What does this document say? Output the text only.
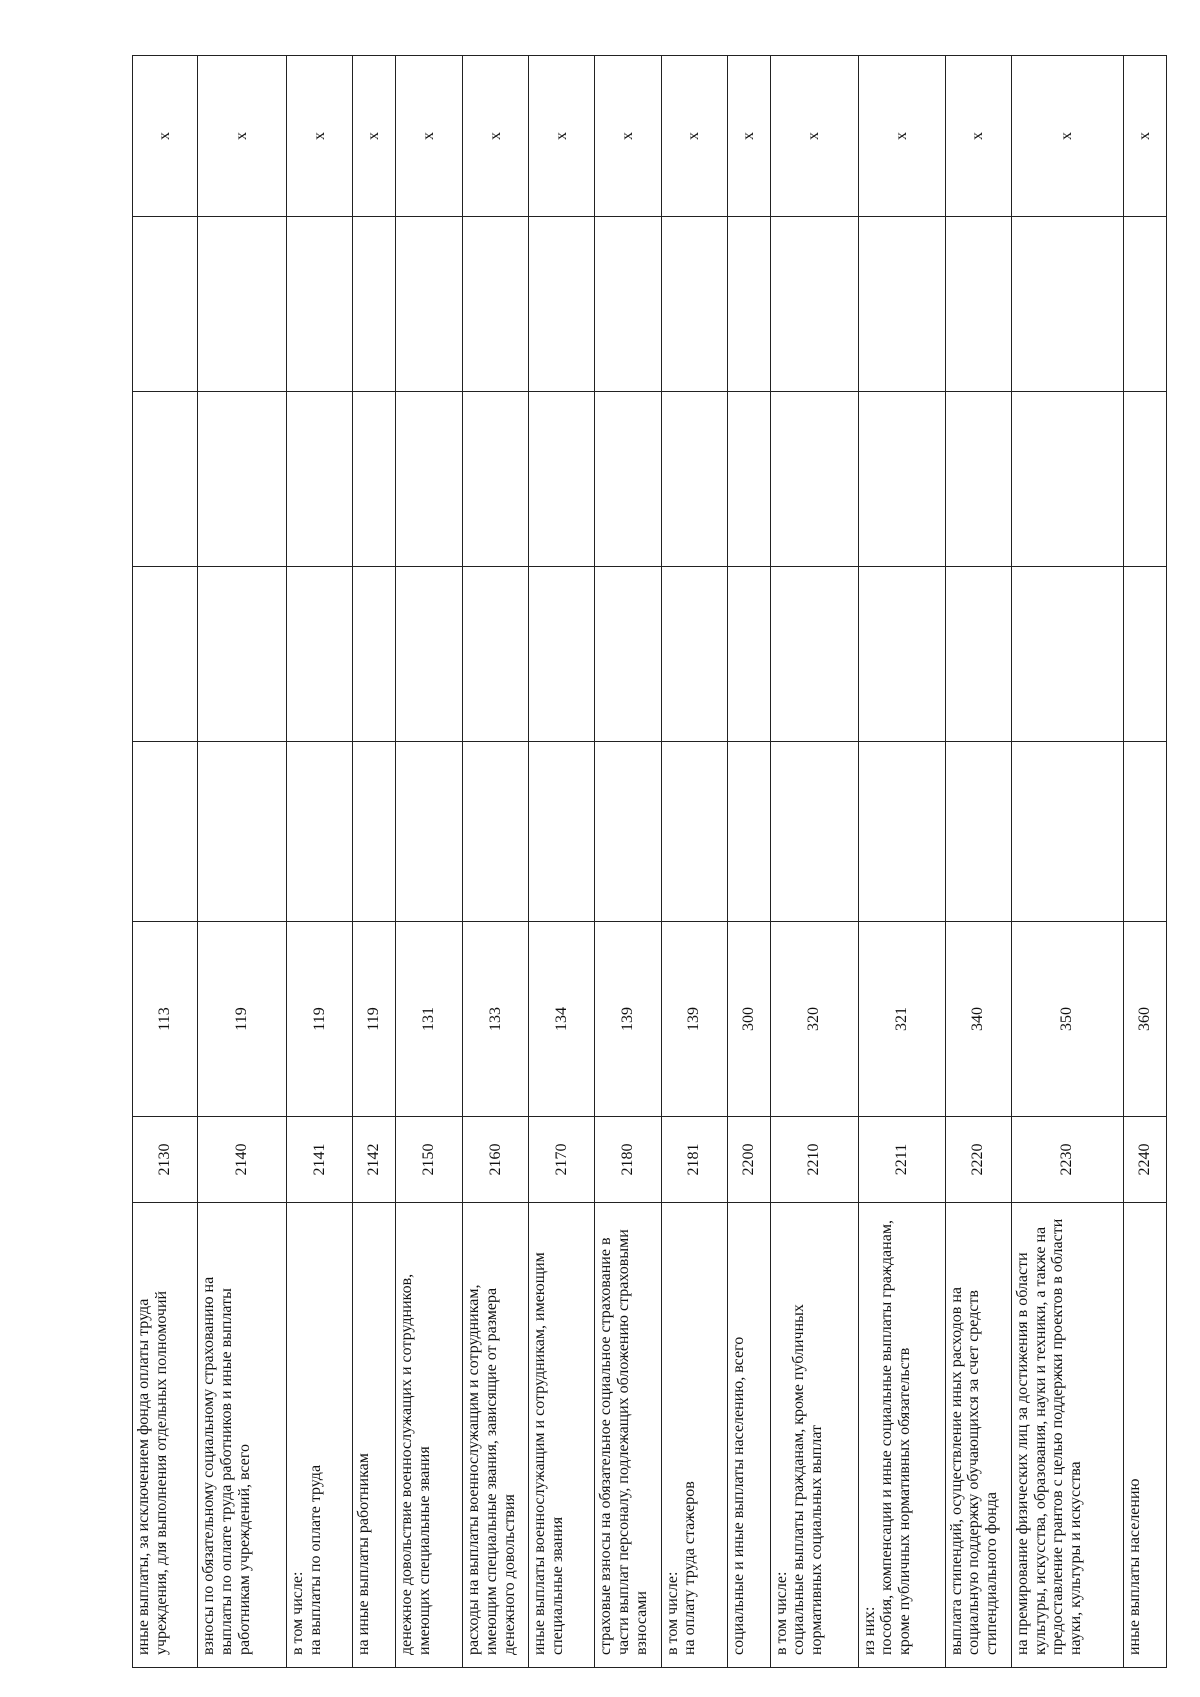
иные выплаты, за исключением фонда оплаты труда учреждения, для выполнения отдельных полномочий	2130	113					x
взносы по обязательному социальному страхованию на выплаты по оплате труда работников и иные выплаты работникам учреждений, всего	2140	119					x
в том числе:
на выплаты по оплате труда	2141	119					x
на иные выплаты работникам	2142	119					x
денежное довольствие военнослужащих и сотрудников, имеющих специальные звания	2150	131					x
расходы на выплаты военнослужащим и сотрудникам, имеющим специальные звания, зависящие от размера денежного довольствия	2160	133					x
иные выплаты военнослужащим и сотрудникам, имеющим специальные звания	2170	134					x
страховые взносы на обязательное социальное страхование в части выплат персоналу, подлежащих обложению страховыми взносами	2180	139					x
в том числе:
на оплату труда стажеров	2181	139					x
социальные и иные выплаты населению, всего	2200	300					x
в том числе:
социальные выплаты гражданам, кроме публичных нормативных социальных выплат	2210	320					x
из них:
пособия, компенсации и иные социальные выплаты гражданам, кроме публичных нормативных обязательств	2211	321					x
выплата стипендий, осуществление иных расходов на социальную поддержку обучающихся за счет средств стипендиального фонда	2220	340					x
на премирование физических лиц за достижения в области культуры, искусства, образования, науки и техники, а также на предоставление грантов с целью поддержки проектов в области науки, культуры и искусства	2230	350					x
иные выплаты населению	2240	360					x
